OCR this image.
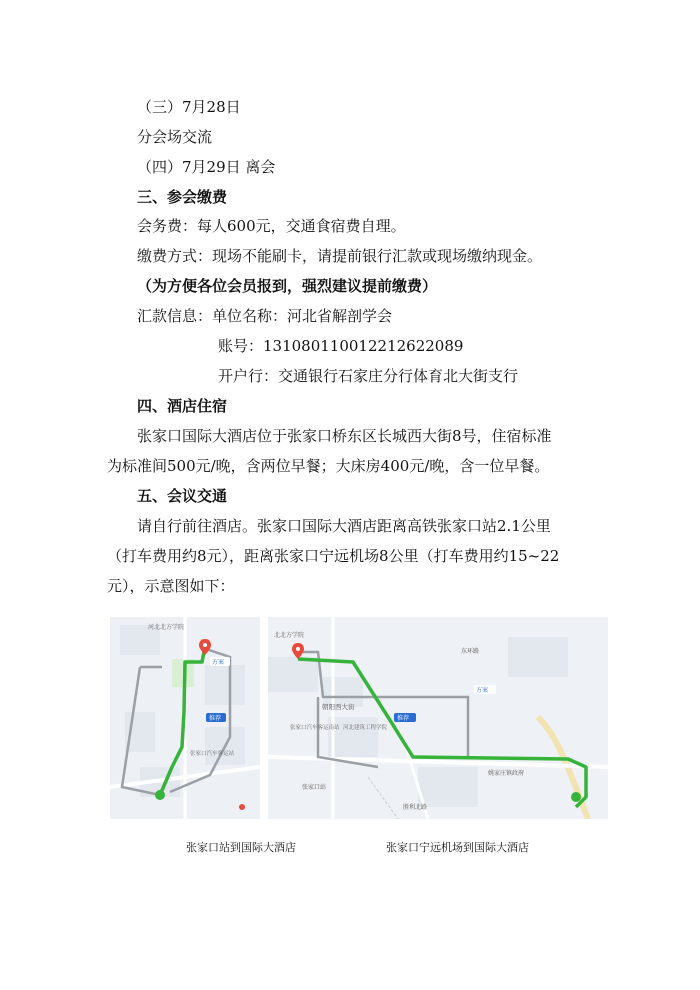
（三）7月28日
分会场交流
（四）7月29日 离会
三、参会缴费
会务费：每人600元，交通食宿费自理。
缴费方式：现场不能刷卡，请提前银行汇款或现场缴纳现金。
（为方便各位会员报到，强烈建议提前缴费）
汇款信息：单位名称：河北省解剖学会
账号：131080110012212622089
开户行：交通银行石家庄分行体育北大街支行
四、酒店住宿
张家口国际大酒店位于张家口桥东区长城西大街8号，住宿标准
为标准间500元/晚，含两位早餐；大床房400元/晚，含一位早餐。
五、会议交通
请自行前往酒店。张家口国际大酒店距离高铁张家口站2.1公里
（打车费用约8元），距离张家口宁远机场8公里（打车费用约15~22
元），示意图如下：
河北北方学院
方案
推荐
张家口汽车客运站
北北方学院
朝阳西大街
东环路
方案
推荐
张家口汽车客运南站 河北建筑工程学院
姚家庄镇政府
张家口站
胜利北路
张家口站到国际大酒店	张家口宁远机场到国际大酒店
